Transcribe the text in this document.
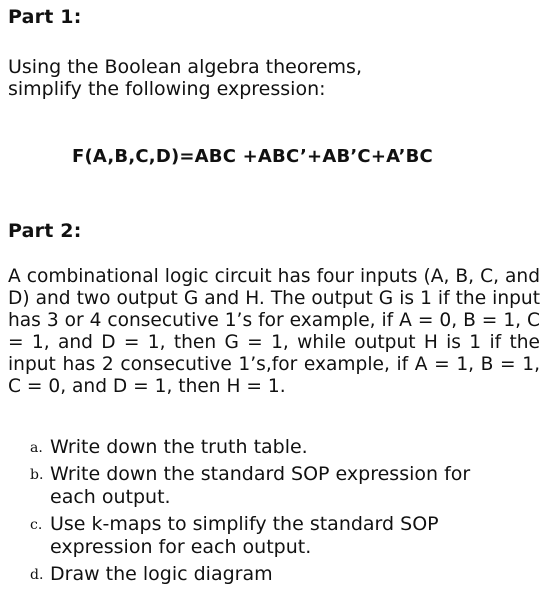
Part 1:
Using the Boolean algebra theorems, simplify the following expression:
F(A,B,C,D)=ABC +ABC’+AB’C+A’BC
Part 2:
A combinational logic circuit has four inputs (A, B, C, and D) and two output G and H. The output G is 1 if the input has 3 or 4 consecutive 1’s for example, if A = 0, B = 1, C = 1, and D = 1, then G = 1, while output H is 1 if the input has 2 consecutive 1’s,for example, if A = 1, B = 1, C = 0, and D = 1, then H = 1.
a. Write down the truth table.
b. Write down the standard SOP expression for each output.
c. Use k-maps to simplify the standard SOP expression for each output.
d. Draw the logic diagram
